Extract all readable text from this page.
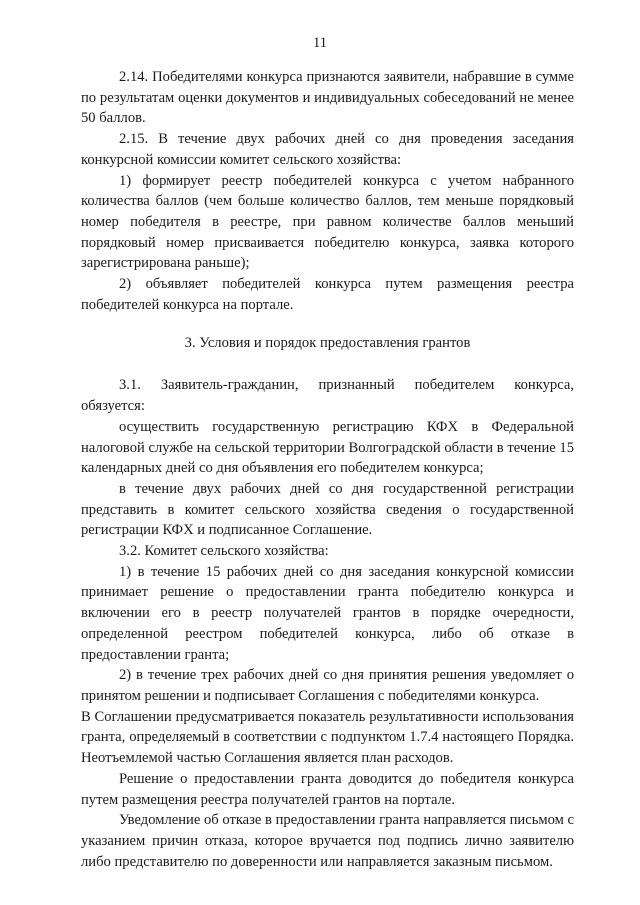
11

2.14. Победителями конкурса признаются заявители, набравшие в сумме по результатам оценки документов и индивидуальных собеседований не менее 50 баллов.

2.15. В течение двух рабочих дней со дня проведения заседания конкурсной комиссии комитет сельского хозяйства:

1) формирует реестр победителей конкурса с учетом набранного количества баллов (чем больше количество баллов, тем меньше порядковый номер победителя в реестре, при равном количестве баллов меньший порядковый номер присваивается победителю конкурса, заявка которого зарегистрирована раньше);

2) объявляет победителей конкурса путем размещения реестра победителей конкурса на портале.

3. Условия и порядок предоставления грантов

3.1. Заявитель-гражданин, признанный победителем конкурса, обязуется:

осуществить государственную регистрацию КФХ в Федеральной налоговой службе на сельской территории Волгоградской области в течение 15 календарных дней со дня объявления его победителем конкурса;

в течение двух рабочих дней со дня государственной регистрации представить в комитет сельского хозяйства сведения о государственной регистрации КФХ и подписанное Соглашение.

3.2. Комитет сельского хозяйства:

1) в течение 15 рабочих дней со дня заседания конкурсной комиссии принимает решение о предоставлении гранта победителю конкурса и включении его в реестр получателей грантов в порядке очередности, определенной реестром победителей конкурса, либо об отказе в предоставлении гранта;

2) в течение трех рабочих дней со дня принятия решения уведомляет о принятом решении и подписывает Соглашения с победителями конкурса.

В Соглашении предусматривается показатель результативности использования гранта, определяемый в соответствии с подпунктом 1.7.4 настоящего Порядка. Неотъемлемой частью Соглашения является план расходов.

Решение о предоставлении гранта доводится до победителя конкурса путем размещения реестра получателей грантов на портале.

Уведомление об отказе в предоставлении гранта направляется письмом с указанием причин отказа, которое вручается под подпись лично заявителю либо представителю по доверенности или направляется заказным письмом.
